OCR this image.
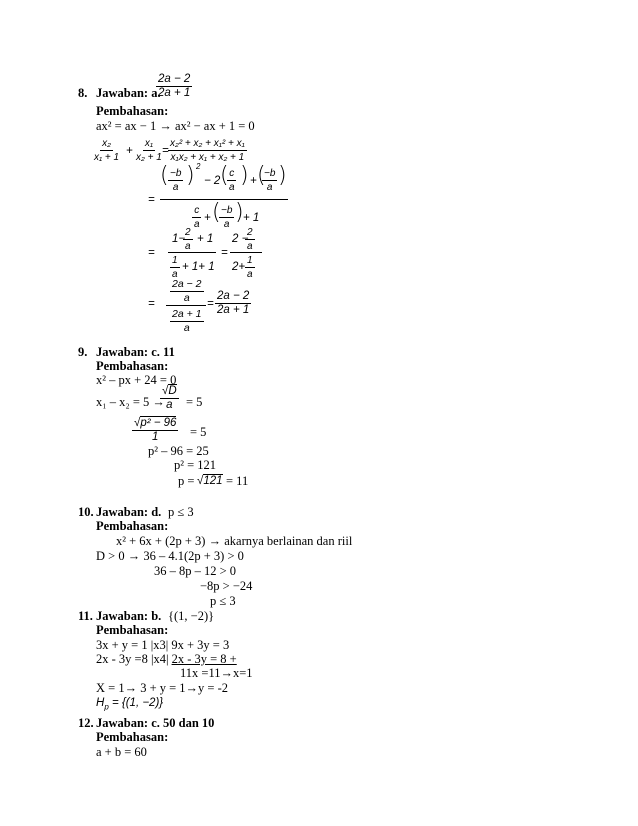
8. Jawaban: a.
$\frac{2a - 2}{2a + 1}$
Pembahasan:
ax² = ax − 1 → ax² − ax + 1 = 0
$\frac{\text{x₂}}{\text{x₁ + 1}} + \frac{\text{x₁}}{\text{x₂ + 1}}$
= $\frac{\text{x₂² + x₂ + x₁² + x₁}}{\text{x₁x₂ + x₁ + x₂ + 1}}$
=
( $\frac{-b}{a}$ ) 2
− 2 (
$\frac{c}{a}$ ) + (
$\frac{-b}{a}$ )
$\frac{c}{a}$ + (
$\frac{-b}{a}$ ) + 1
=
1−
$\frac{2}{a} + 1$
$\frac{1}{a} + 1+ 1$
=
2 −
$\frac{2}{a}$
$2+ \frac{1}{a}$
= $\frac{2a - 2}{a}$
$\frac{2a + 1}{a}$
= $\frac{2a - 2}{2a + 1}$
9. Jawaban: c. 11
Pembahasan:
x² – px + 24 = 0
x₁ – x₂ = 5 →
$\frac{√D}{a} = 5$
$\frac{\text{√p² − 96}}{1} = 5$
p² – 96 = 25
p² = 121
p = √121 = 11
10. Jawaban: d. p ≤ 3
Pembahasan:
x² + 6x + (2p + 3) → akarnya berlainan dan riil
D > 0 → 36 – 4.1(2p + 3) > 0
36 – 8p – 12 > 0
−8p > −24
p ≤ 3
11. Jawaban: b. {(1, −2)}
Pembahasan:
3x + y = 1 |x3| 9x + 3y = 3
2x - 3y =8 |x4| 2x - 3y = 8 +
11x =11→x=1
X = 1→ 3 + y = 1→y = -2
$H_p = \{(1$, −2)}
12. Jawaban: c. 50 dan 10
Pembahasan:
a + b = 60
